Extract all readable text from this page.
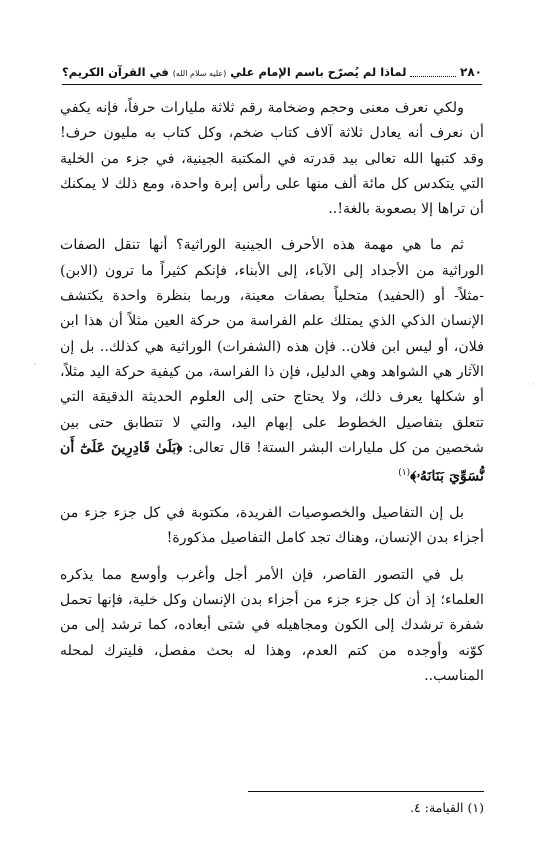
٢٨٠
لماذا لم يُصرّح باسم الإمام علي (عليه سلام الله) في القرآن الكريم؟

ولكي نعرف معنى وحجم وضخامة رقم ثلاثة مليارات حرفاً، فإنه يكفي أن نعرف أنه يعادل ثلاثة آلاف كتاب ضخم، وكل كتاب به مليون حرف! وقد كتبها الله تعالى بيد قدرته في المكتبة الجينية، في جزء من الخلية التي يتكدس كل مائة ألف منها على رأس إبرة واحدة، ومع ذلك لا يمكنك أن تراها إلا بصعوبة بالغة!..

ثم ما هي مهمة هذه الأحرف الجينية الوراثية؟ أنها تنقل الصفات الوراثية من الأجداد إلى الآباء، إلى الأبناء، فإنكم كثيراً ما ترون (الابن) -مثلاً- أو (الحفيد) متحلياً بصفات معينة، وربما بنظرة واحدة يكتشف الإنسان الذكي الذي يمتلك علم الفراسة من حركة العين مثلاً أن هذا ابن فلان، أو ليس ابن فلان.. فإن هذه (الشفرات) الوراثية هي كذلك.. بل إن الآثار هي الشواهد وهي الدليل، فإن ذا الفراسة، من كيفية حركة اليد مثلاً، أو شكلها يعرف ذلك، ولا يحتاج حتى إلى العلوم الحديثة الدقيقة التي تتعلق بتفاصيل الخطوط على إبهام اليد، والتي لا تتطابق حتى بين شخصين من كل مليارات البشر الستة! قال تعالى: ﴿بَلَىٰ قَادِرِينَ عَلَىٰٓ أَن نُّسَوِّيَ بَنَانَهُۥ﴾$^{(١)}$

بل إن التفاصيل والخصوصيات الفريدة، مكتوبة في كل جزء جزء من أجزاء بدن الإنسان، وهناك تجد كامل التفاصيل مذكورة!

بل في التصور القاصر، فإن الأمر أجل وأغرب وأوسع مما يذكره العلماء؛ إذ أن كل جزء جزء من أجزاء بدن الإنسان وكل خلية، فإنها تحمل شفرة ترشدك إلى الكون ومجاهيله في شتى أبعاده، كما ترشد إلى من كوّنه وأوجده من كتم العدم، وهذا له بحث مفصل، فليترك لمحله المناسب..

(١) القيامة: ٤.
·
·
